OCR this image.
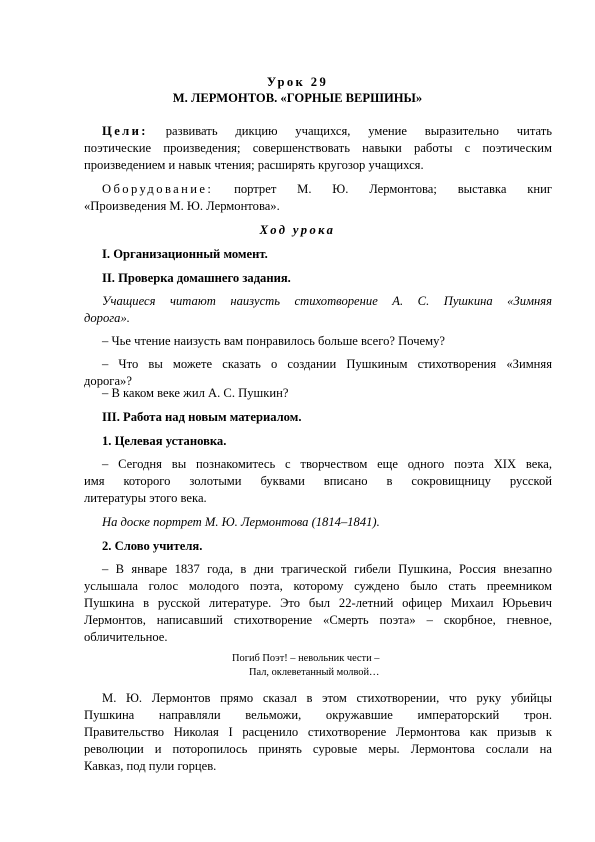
Урок 29
М. ЛЕРМОНТОВ. «ГОРНЫЕ ВЕРШИНЫ»
Цели: развивать дикцию учащихся, умение выразительно читать
поэтические произведения; совершенствовать навыки работы с поэтическим
произведением и навык чтения; расширять кругозор учащихся.
Оборудование: портрет М. Ю. Лермонтова; выставка книг
«Произведения М. Ю. Лермонтова».
Ход урока
I. Организационный момент.
II. Проверка домашнего задания.
Учащиеся читают наизусть стихотворение А. С. Пушкина «Зимняя
дорога».
– Чье чтение наизусть вам понравилось больше всего? Почему?
– Что вы можете сказать о создании Пушкиным стихотворения «Зимняя
дорога»?
– В каком веке жил А. С. Пушкин?
III. Работа над новым материалом.
1. Целевая установка.
– Сегодня вы познакомитесь с творчеством еще одного поэта XIX века,
имя которого золотыми буквами вписано в сокровищницу русской
литературы этого века.
На доске портрет М. Ю. Лермонтова (1814–1841).
2. Слово учителя.
– В январе 1837 года, в дни трагической гибели Пушкина, Россия внезапно
услышала голос молодого поэта, которому суждено было стать преемником
Пушкина в русской литературе. Это был 22-летний офицер Михаил Юрьевич
Лермонтов, написавший стихотворение «Смерть поэта» – скорбное, гневное,
обличительное.
Погиб Поэт! – невольник чести –
Пал, оклеветанный молвой…
М. Ю. Лермонтов прямо сказал в этом стихотворении, что руку убийцы
Пушкина направляли вельможи, окружавшие императорский трон.
Правительство Николая I расценило стихотворение Лермонтова как призыв к
революции и поторопилось принять суровые меры. Лермонтова сослали на
Кавказ, под пули горцев.
